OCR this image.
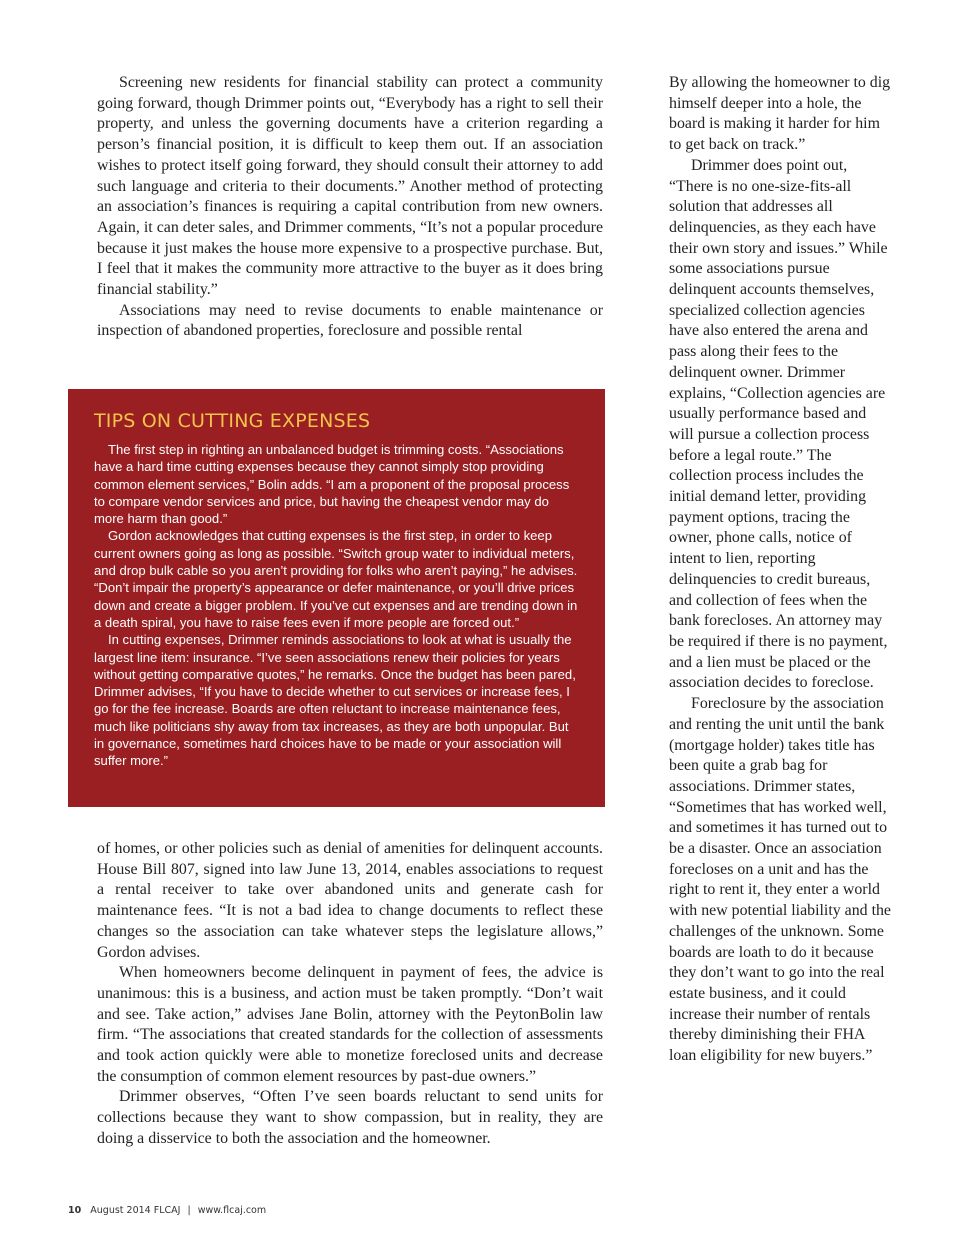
Screening new residents for financial stability can protect a community going forward, though Drimmer points out, “Everybody has a right to sell their property, and unless the governing documents have a criterion regarding a person’s financial position, it is difficult to keep them out. If an association wishes to protect itself going forward, they should consult their attorney to add such language and criteria to their documents.” Another method of protecting an association’s finances is requiring a capital contribution from new owners. Again, it can deter sales, and Drimmer comments, “It’s not a popular procedure because it just makes the house more expensive to a prospective purchase. But, I feel that it makes the community more attractive to the buyer as it does bring financial stability.”

Associations may need to revise documents to enable maintenance or inspection of abandoned properties, foreclosure and possible rental

TIPS ON CUTTING EXPENSES

The first step in righting an unbalanced budget is trimming costs. “Associations have a hard time cutting expenses because they cannot simply stop providing common element services,” Bolin adds. “I am a proponent of the proposal process to compare vendor services and price, but having the cheapest vendor may do more harm than good.”

Gordon acknowledges that cutting expenses is the first step, in order to keep current owners going as long as possible. “Switch group water to individual meters, and drop bulk cable so you aren’t providing for folks who aren’t paying,” he advises. “Don’t impair the property’s appearance or defer maintenance, or you’ll drive prices down and create a bigger problem. If you’ve cut expenses and are trending down in a death spiral, you have to raise fees even if more people are forced out.”

In cutting expenses, Drimmer reminds associations to look at what is usually the largest line item: insurance. “I’ve seen associations renew their policies for years without getting comparative quotes,” he remarks. Once the budget has been pared, Drimmer advises, “If you have to decide whether to cut services or increase fees, I go for the fee increase. Boards are often reluctant to increase maintenance fees, much like politicians shy away from tax increases, as they are both unpopular. But in governance, sometimes hard choices have to be made or your association will suffer more.”

of homes, or other policies such as denial of amenities for delinquent accounts. House Bill 807, signed into law June 13, 2014, enables associations to request a rental receiver to take over abandoned units and generate cash for maintenance fees. “It is not a bad idea to change documents to reflect these changes so the association can take whatever steps the legislature allows,” Gordon advises.

When homeowners become delinquent in payment of fees, the advice is unanimous: this is a business, and action must be taken promptly. “Don’t wait and see. Take action,” advises Jane Bolin, attorney with the PeytonBolin law firm. “The associations that created standards for the collection of assessments and took action quickly were able to monetize foreclosed units and decrease the consumption of common element resources by past-due owners.”

Drimmer observes, “Often I’ve seen boards reluctant to send units for collections because they want to show compassion, but in reality, they are doing a disservice to both the association and the homeowner.

By allowing the homeowner to dig himself deeper into a hole, the board is making it harder for him to get back on track.”

Drimmer does point out, “There is no one-size-fits-all solution that addresses all delinquencies, as they each have their own story and issues.” While some associations pursue delinquent accounts themselves, specialized collection agencies have also entered the arena and pass along their fees to the delinquent owner. Drimmer explains, “Collection agencies are usually performance based and will pursue a collection process before a legal route.” The collection process includes the initial demand letter, providing payment options, tracing the owner, phone calls, notice of intent to lien, reporting delinquencies to credit bureaus, and collection of fees when the bank forecloses. An attorney may be required if there is no payment, and a lien must be placed or the association decides to foreclose.

Foreclosure by the association and renting the unit until the bank (mortgage holder) takes title has been quite a grab bag for associations. Drimmer states, “Sometimes that has worked well, and sometimes it has turned out to be a disaster. Once an association forecloses on a unit and has the right to rent it, they enter a world with new potential liability and the challenges of the unknown. Some boards are loath to do it because they don’t want to go into the real estate business, and it could increase their number of rentals thereby diminishing their FHA loan eligibility for new buyers.”

10 August 2014 FLCAJ | www.flcaj.com
